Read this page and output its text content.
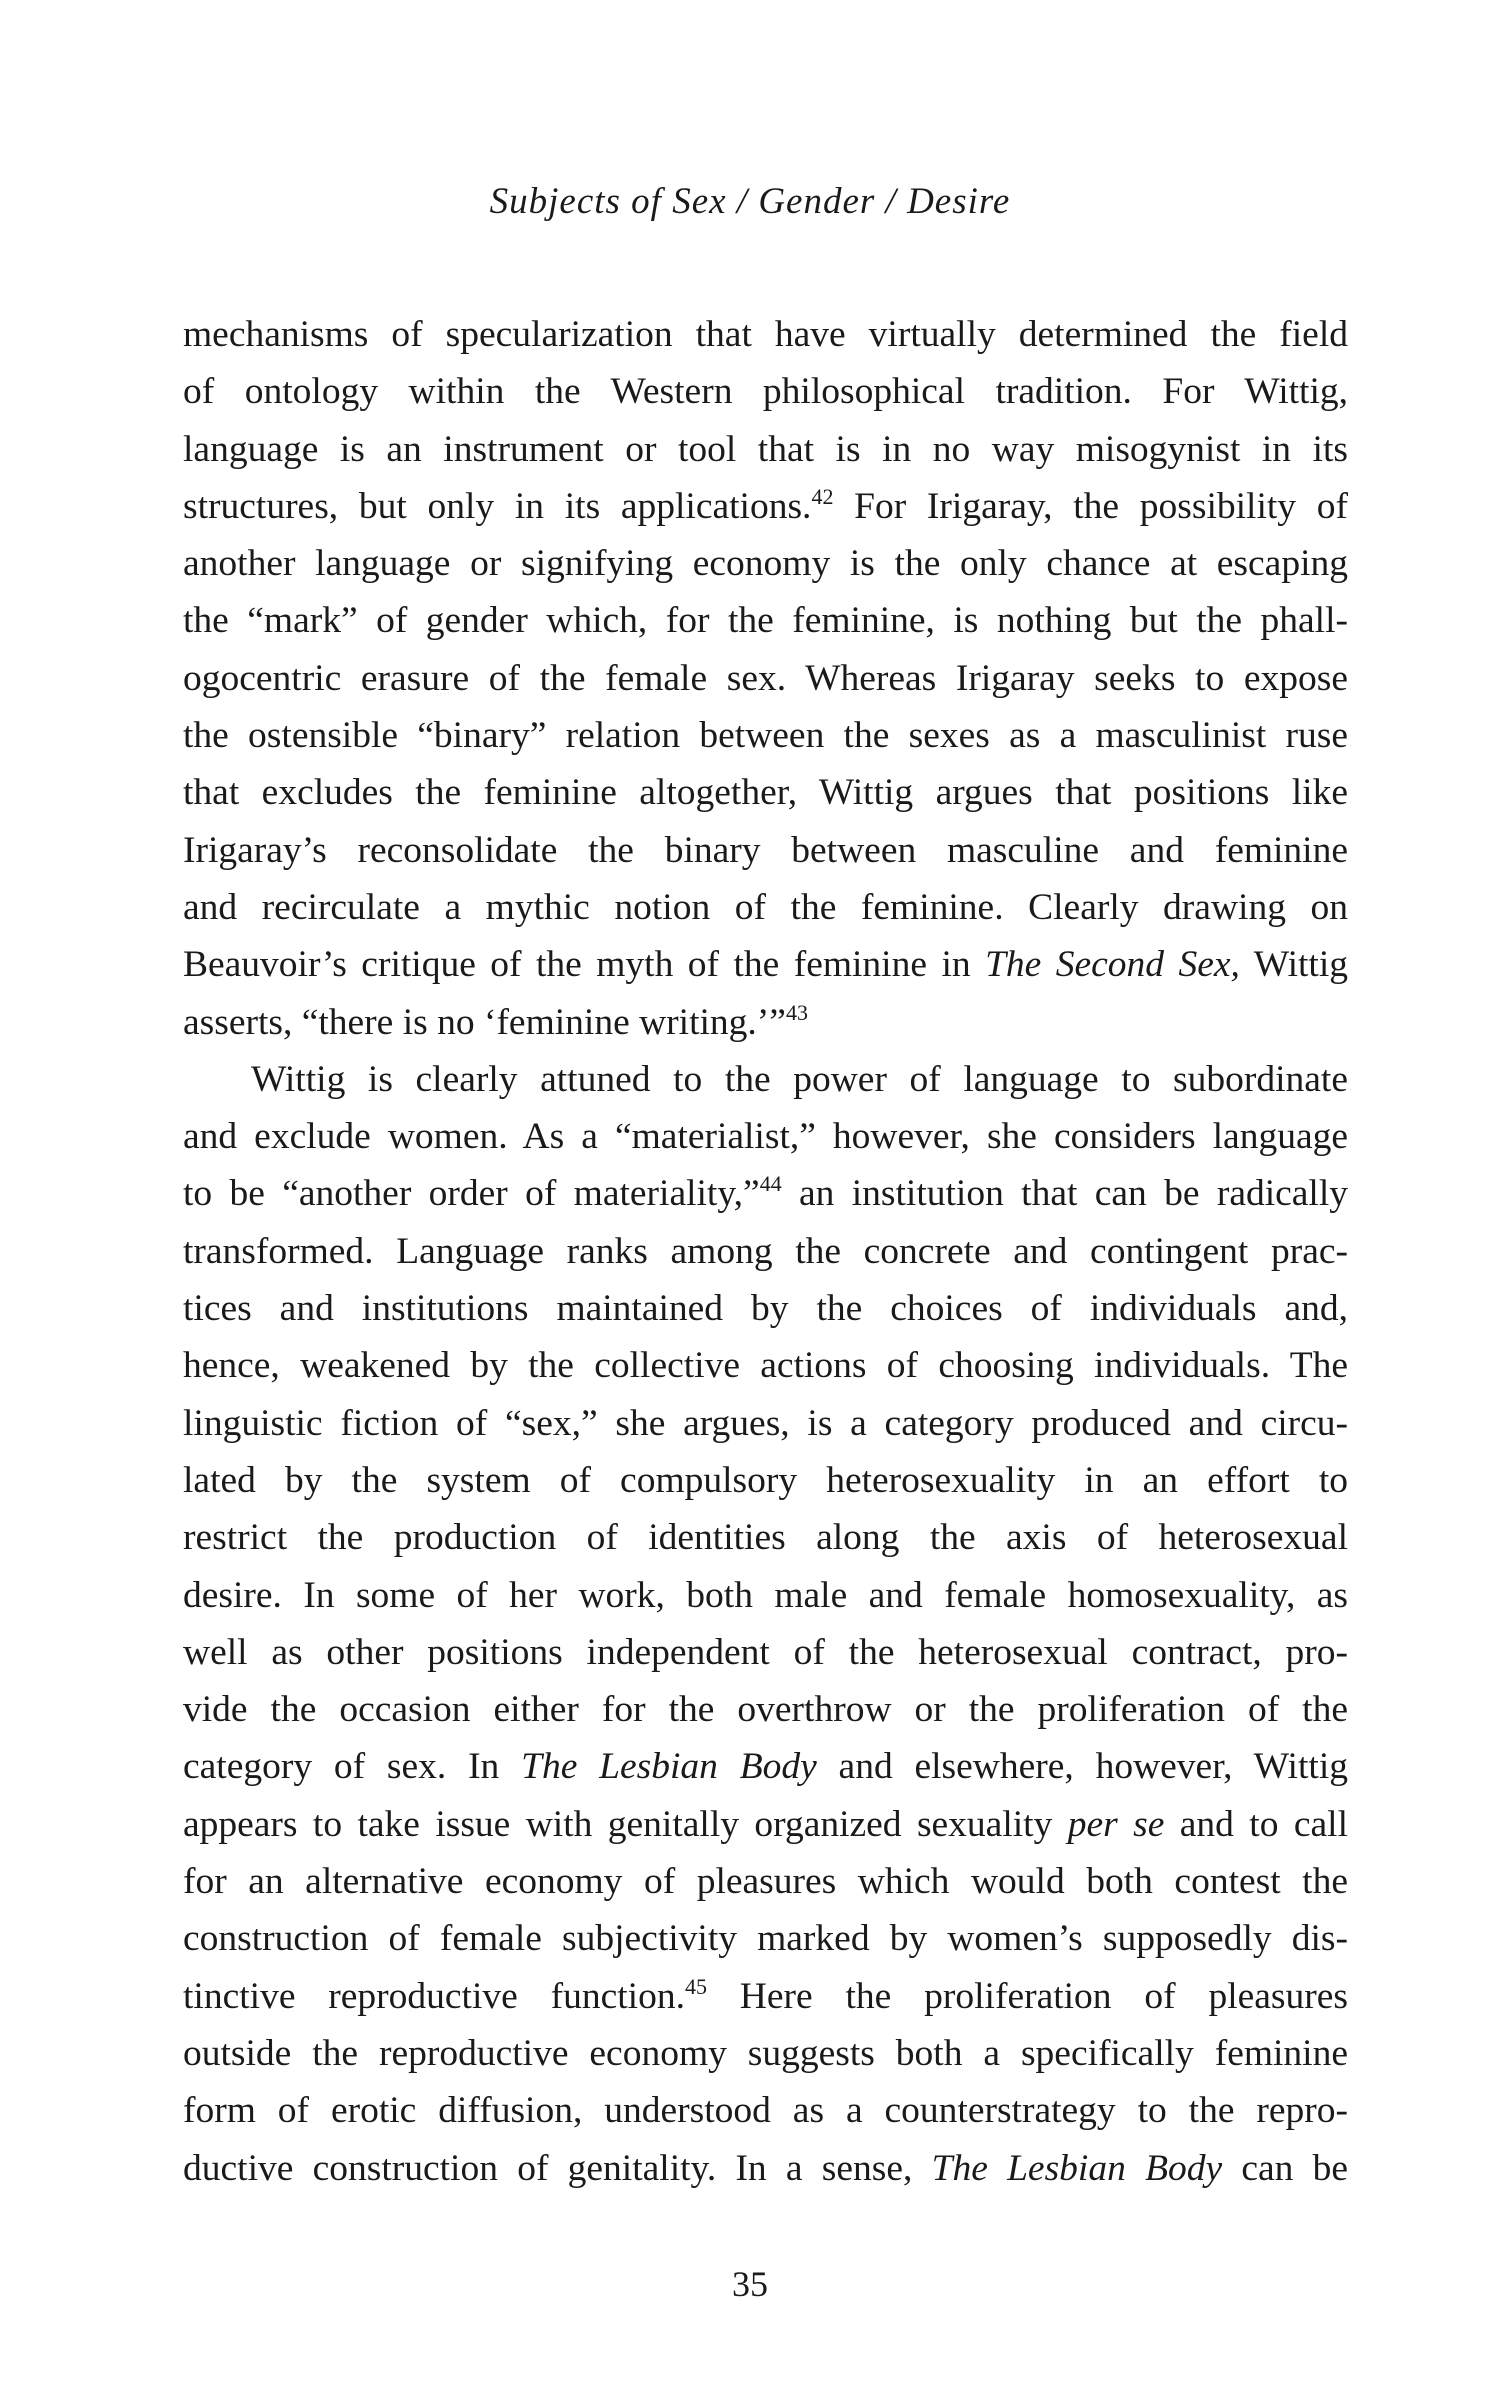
Subjects of Sex / Gender / Desire
mechanisms of specularization that have virtually determined the field
of ontology within the Western philosophical tradition. For Wittig,
language is an instrument or tool that is in no way misogynist in its
structures, but only in its applications.$^{42}$ For Irigaray, the possibility of
another language or signifying economy is the only chance at escaping
the “mark” of gender which, for the feminine, is nothing but the phall-
ogocentric erasure of the female sex. Whereas Irigaray seeks to expose
the ostensible “binary” relation between the sexes as a masculinist ruse
that excludes the feminine altogether, Wittig argues that positions like
Irigaray’s reconsolidate the binary between masculine and feminine
and recirculate a mythic notion of the feminine. Clearly drawing on
Beauvoir’s critique of the myth of the feminine in The Second Sex, Wittig
asserts, “there is no ‘feminine writing.’”$^{43}$
Wittig is clearly attuned to the power of language to subordinate
and exclude women. As a “materialist,” however, she considers language
to be “another order of materiality,”$^{44}$ an institution that can be radically
transformed. Language ranks among the concrete and contingent prac-
tices and institutions maintained by the choices of individuals and,
hence, weakened by the collective actions of choosing individuals. The
linguistic fiction of “sex,” she argues, is a category produced and circu-
lated by the system of compulsory heterosexuality in an effort to
restrict the production of identities along the axis of heterosexual
desire. In some of her work, both male and female homosexuality, as
well as other positions independent of the heterosexual contract, pro-
vide the occasion either for the overthrow or the proliferation of the
category of sex. In The Lesbian Body and elsewhere, however, Wittig
appears to take issue with genitally organized sexuality per se and to call
for an alternative economy of pleasures which would both contest the
construction of female subjectivity marked by women’s supposedly dis-
tinctive reproductive function.$^{45}$ Here the proliferation of pleasures
outside the reproductive economy suggests both a specifically feminine
form of erotic diffusion, understood as a counterstrategy to the repro-
ductive construction of genitality. In a sense, The Lesbian Body can be
35
